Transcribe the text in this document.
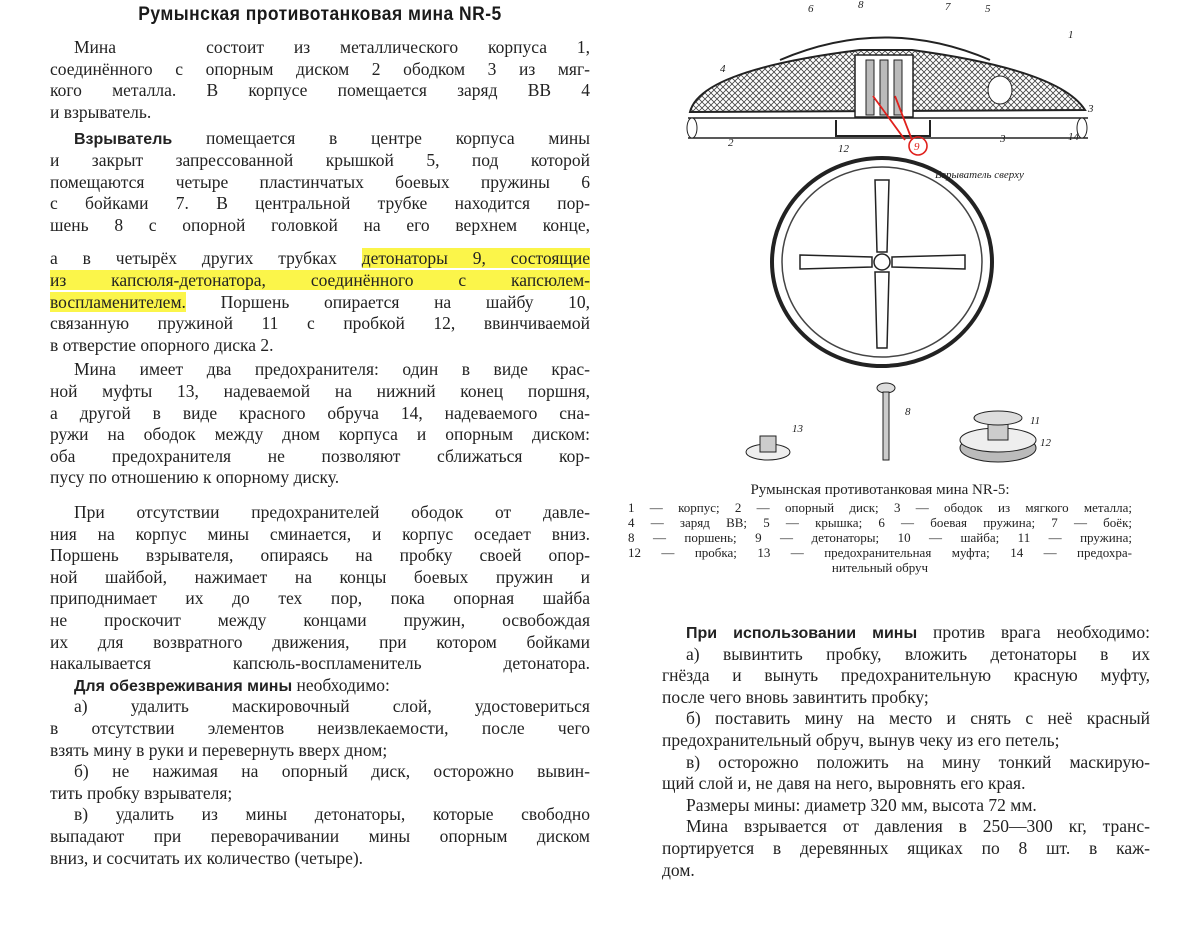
Румынская противотанковая мина NR-5
Мина	состоит из металлического корпуса 1,
соединённого с опорным диском 2 ободком 3 из мяг-
кого металла. В корпусе помещается заряд ВВ 4
и взрыватель.
Взрыватель помещается в центре корпуса мины
и закрыт запрессованной крышкой 5, под которой
помещаются четыре пластинчатых боевых пружины 6
с бойками 7. В центральной трубке находится пор-
шень 8 с опорной головкой на его верхнем конце,
а в четырёх других трубках детонаторы 9, состоящие
из капсюля-детонатора, соединённого с капсюлем-
воспламенителем. Поршень опирается на шайбу 10,
связанную пружиной 11 с пробкой 12, ввинчиваемой
в отверстие опорного диска 2.
Мина имеет два предохранителя: один в виде крас-
ной муфты 13, надеваемой на нижний конец поршня,
а другой в виде красного обруча 14, надеваемого сна-
ружи на ободок между дном корпуса и опорным диском:
оба предохранителя не позволяют сближаться кор-
пусу по отношению к опорному диску.
При отсутствии предохранителей ободок от давле-
ния на корпус мины сминается, и корпус оседает вниз.
Поршень взрывателя, опираясь на пробку своей опор-
ной шайбой, нажимает на концы боевых пружин и
приподнимает их до тех пор, пока опорная шайба
не проскочит между концами пружин, освобождая
их для возвратного движения, при котором бойками
накалывается капсюль-воспламенитель детонатора.
Для обезвреживания мины необходимо:
а) удалить маскировочный слой, удостовериться
в отсутствии элементов неизвлекаемости, после чего
взять мину в руки и перевернуть вверх дном;
б) не нажимая на опорный диск, осторожно вывин-
тить пробку взрывателя;
в) удалить из мины детонаторы, которые свободно
выпадают при переворачивании мины опорным диском
вниз, и сосчитать их количество (четыре).
При использовании мины против врага необходимо:
а) вывинтить пробку, вложить детонаторы в их
гнёзда и вынуть предохранительную красную муфту,
после чего вновь завинтить пробку;
б) поставить мину на место и снять с неё красный
предохранительный обруч, вынув чеку из его петель;
в) осторожно положить на мину тонкий маскирую-
щий слой и, не давя на него, выровнять его края.
Размеры мины: диаметр 320 мм, высота 72 мм.
Мина взрывается от давления в 250—300 кг, транс-
портируется в деревянных ящиках по 8 шт. в каж-
дом.
6	8	7	5
4
1
3
2	3	14
12	9
Взрыватель сверху
8
13
11
12
Румынская противотанковая мина NR-5:
1 — корпус; 2 — опорный диск; 3 — ободок из мягкого металла;
4 — заряд ВВ; 5 — крышка; 6 — боевая пружина; 7 — боёк;
8 — поршень; 9 — детонаторы; 10 — шайба; 11 — пружина;
12 — пробка; 13 — предохранительная муфта; 14 — предохра-
нительный обруч
